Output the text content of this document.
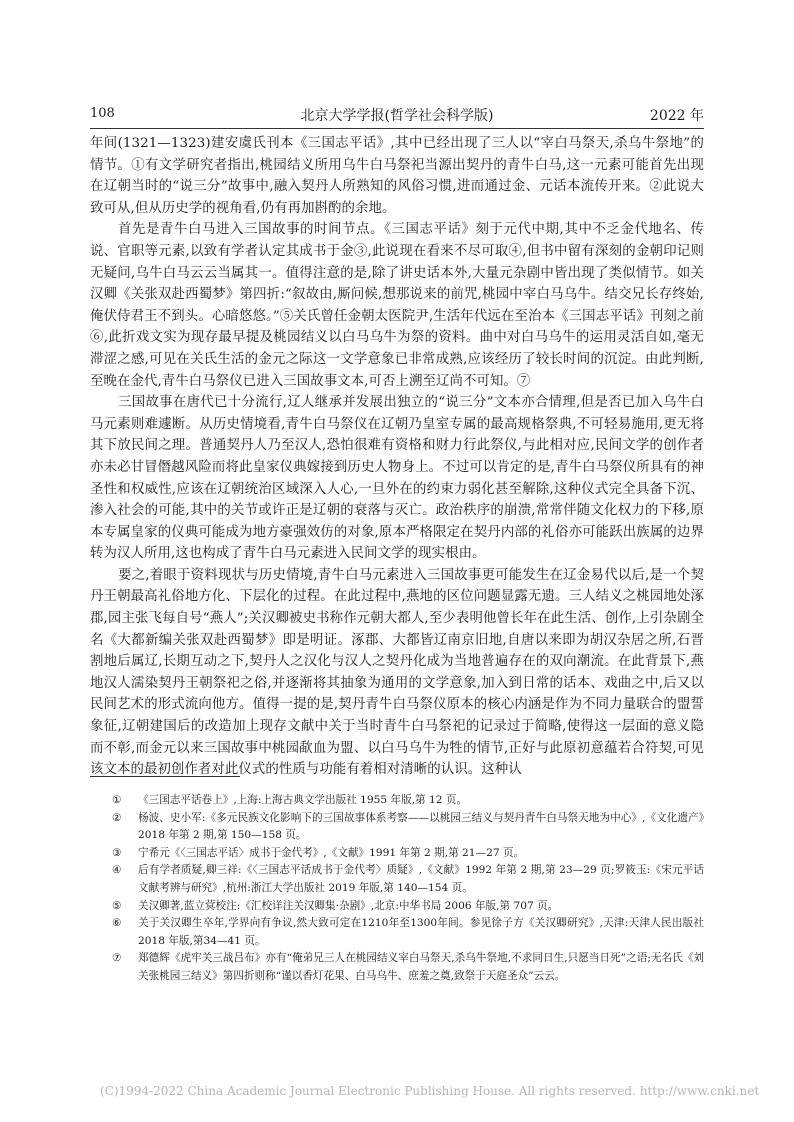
108	北京大学学报(哲学社会科学版)	2022 年

年间(1321—1323)建安虞氏刊本《三国志平话》,其中已经出现了三人以“宰白马祭天,杀乌牛祭地”的情节。①有文学研究者指出,桃园结义所用乌牛白马祭祀当源出契丹的青牛白马,这一元素可能首先出现在辽朝当时的“说三分”故事中,融入契丹人所熟知的风俗习惯,进而通过金、元话本流传开来。②此说大致可从,但从历史学的视角看,仍有再加斟酌的余地。

首先是青牛白马进入三国故事的时间节点。《三国志平话》刻于元代中期,其中不乏金代地名、传说、官职等元素,以致有学者认定其成书于金③,此说现在看来不尽可取④,但书中留有深刻的金朝印记则无疑问,乌牛白马云云当属其一。值得注意的是,除了讲史话本外,大量元杂剧中皆出现了类似情节。如关汉卿《关张双赴西蜀梦》第四折:“叙故由,厮问候,想那说来的前咒,桃园中宰白马乌牛。结交兄长存终始,俺伏侍君王不到头。心暗悠悠。”⑤关氏曾任金朝太医院尹,生活年代远在至治本《三国志平话》刊刻之前⑥,此折戏文实为现存最早提及桃园结义以白马乌牛为祭的资料。曲中对白马乌牛的运用灵活自如,毫无滞涩之感,可见在关氏生活的金元之际这一文学意象已非常成熟,应该经历了较长时间的沉淀。由此判断,至晚在金代,青牛白马祭仪已进入三国故事文本,可否上溯至辽尚不可知。⑦

三国故事在唐代已十分流行,辽人继承并发展出独立的“说三分”文本亦合情理,但是否已加入乌牛白马元素则难遽断。从历史情境看,青牛白马祭仪在辽朝乃皇室专属的最高规格祭典,不可轻易施用,更无将其下放民间之理。普通契丹人乃至汉人,恐怕很难有资格和财力行此祭仪,与此相对应,民间文学的创作者亦未必甘冒僭越风险而将此皇家仪典嫁接到历史人物身上。不过可以肯定的是,青牛白马祭仪所具有的神圣性和权威性,应该在辽朝统治区域深入人心,一旦外在的约束力弱化甚至解除,这种仪式完全具备下沉、渗入社会的可能,其中的关节或许正是辽朝的衰落与灭亡。政治秩序的崩溃,常常伴随文化权力的下移,原本专属皇家的仪典可能成为地方豪强效仿的对象,原本严格限定在契丹内部的礼俗亦可能跃出族属的边界转为汉人所用,这也构成了青牛白马元素进入民间文学的现实根由。

要之,着眼于资料现状与历史情境,青牛白马元素进入三国故事更可能发生在辽金易代以后,是一个契丹王朝最高礼俗地方化、下层化的过程。在此过程中,燕地的区位问题显露无遗。三人结义之桃园地处涿郡,园主张飞每自号“燕人”;关汉卿被史书称作元朝大都人,至少表明他曾长年在此生活、创作,上引杂剧全名《大都新编关张双赴西蜀梦》即是明证。涿郡、大都皆辽南京旧地,自唐以来即为胡汉杂居之所,石晋割地后属辽,长期互动之下,契丹人之汉化与汉人之契丹化成为当地普遍存在的双向潮流。在此背景下,燕地汉人濡染契丹王朝祭祀之俗,并逐渐将其抽象为通用的文学意象,加入到日常的话本、戏曲之中,后又以民间艺术的形式流向他方。值得一提的是,契丹青牛白马祭仪原本的核心内涵是作为不同力量联合的盟誓象征,辽朝建国后的改造加上现存文献中关于当时青牛白马祭祀的记录过于简略,使得这一层面的意义隐而不彰,而金元以来三国故事中桃园歃血为盟、以白马乌牛为牲的情节,正好与此原初意蕴若合符契,可见该文本的最初创作者对此仪式的性质与功能有着相对清晰的认识。这种认

① 《三国志平话卷上》,上海:上海古典文学出版社 1955 年版,第 12 页。
② 杨波、史小军:《多元民族文化影响下的三国故事体系考察——以桃园三结义与契丹青牛白马祭天地为中心》,《文化遗产》2018 年第 2 期,第 150—158 页。
③ 宁希元《〈三国志平话〉成书于金代考》,《文献》1991 年第 2 期,第 21—27 页。
④ 后有学者质疑,卿三祥:《〈三国志平话成书于金代考〉质疑》,《文献》1992 年第 2 期,第 23—29 页;罗筱玉:《宋元平话文献考辨与研究》,杭州:浙江大学出版社 2019 年版,第 140—154 页。
⑤ 关汉卿著,蓝立蓂校注:《汇校详注关汉卿集·杂剧》,北京:中华书局 2006 年版,第 707 页。
⑥ 关于关汉卿生卒年,学界向有争议,然大致可定在1210年至1300年间。参见徐子方《关汉卿研究》,天津:天津人民出版社 2018 年版,第34—41 页。
⑦ 郑德辉《虎牢关三战吕布》亦有“俺弟兄三人在桃园结义宰白马祭天,杀乌牛祭地,不求同日生,只愿当日死”之语;无名氏《刘关张桃园三结义》第四折则称“谨以香灯花果、白马乌牛、庶羞之奠,致祭于天庭圣众”云云。
(C)1994-2022 China Academic Journal Electronic Publishing House. All rights reserved. http://www.cnki.net
